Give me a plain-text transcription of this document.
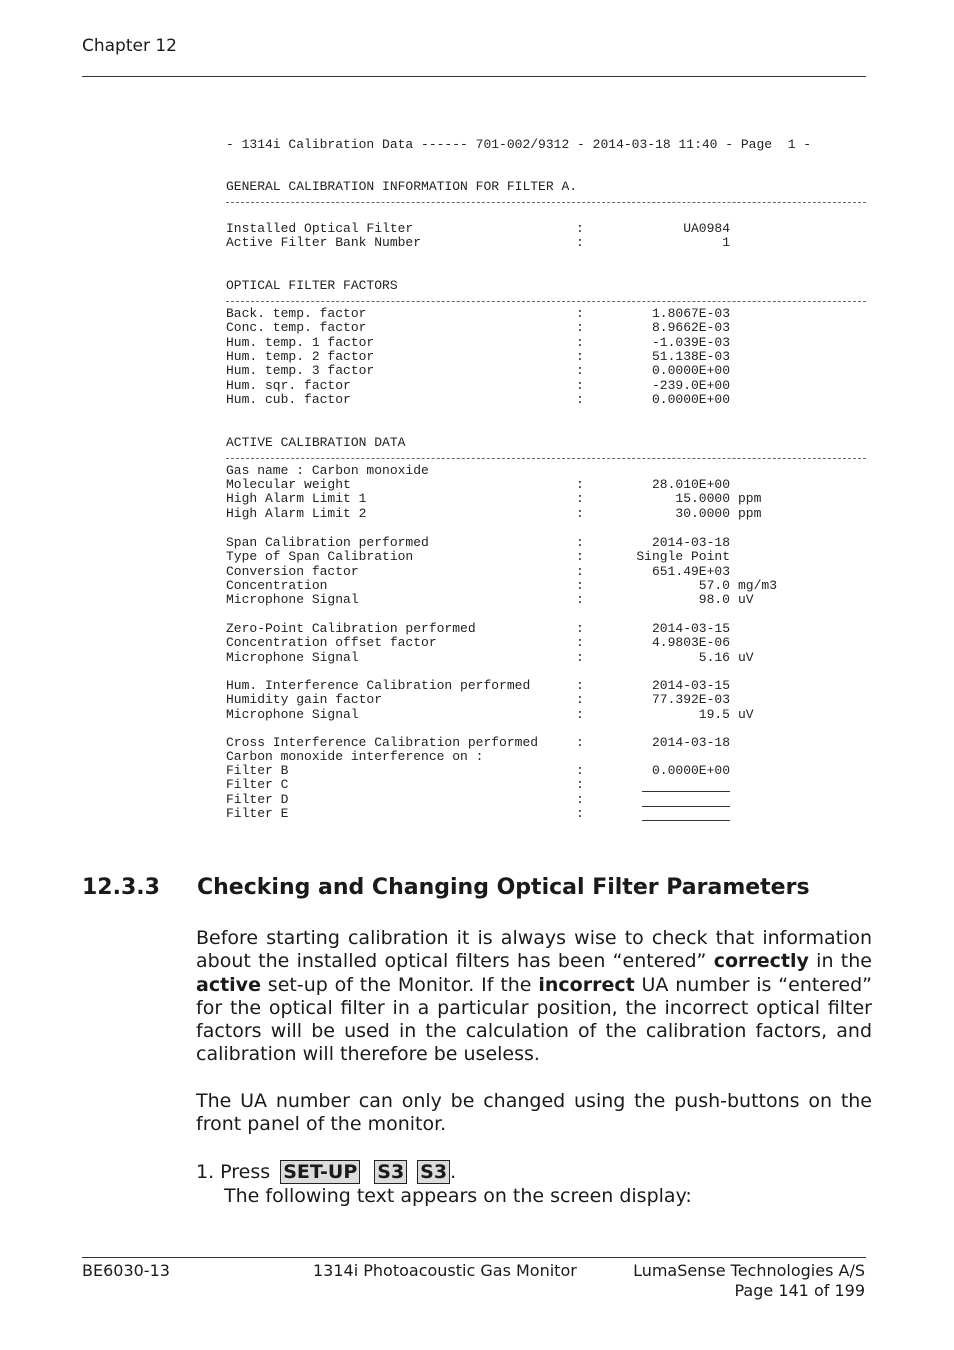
Chapter 12
- 1314i Calibration Data ------ 701-002/9312 - 2014-03-18 11:40 - Page  1 -
GENERAL CALIBRATION INFORMATION FOR FILTER A.
Installed Optical Filter	:	UA0984
Active Filter Bank Number	:	1
OPTICAL FILTER FACTORS
Back. temp. factor	:	1.8067E-03
Conc. temp. factor	:	8.9662E-03
Hum. temp. 1 factor	:	-1.039E-03
Hum. temp. 2 factor	:	51.138E-03
Hum. temp. 3 factor	:	0.0000E+00
Hum. sqr. factor	:	-239.0E+00
Hum. cub. factor	:	0.0000E+00
ACTIVE CALIBRATION DATA
Gas name : Carbon monoxide
Molecular weight	:	28.010E+00
High Alarm Limit 1	:	15.0000 ppm
High Alarm Limit 2	:	30.0000 ppm
Span Calibration performed	:	2014-03-18
Type of Span Calibration	:	Single Point
Conversion factor	:	651.49E+03
Concentration	:	57.0 mg/m3
Microphone Signal	:	98.0 uV
Zero-Point Calibration performed	:	2014-03-15
Concentration offset factor	:	4.9803E-06
Microphone Signal	:	5.16 uV
Hum. Interference Calibration performed	:	2014-03-15
Humidity gain factor	:	77.392E-03
Microphone Signal	:	19.5 uV
Cross Interference Calibration performed	:	2014-03-18
Carbon monoxide interference on :
Filter B	:	0.0000E+00
Filter C	:
Filter D	:
Filter E	:
12.3.3 Checking and Changing Optical Filter Parameters
Before starting calibration it is always wise to check that information about the installed optical filters has been “entered” correctly in the active set-up of the Monitor. If the incorrect UA number is “entered” for the optical filter in a particular position, the incorrect optical filter factors will be used in the calculation of the calibration factors, and calibration will therefore be useless.
The UA number can only be changed using the push-buttons on the front panel of the monitor.
1. Press SET-UP S3 S3 .
The following text appears on the screen display:
BE6030-13	1314i Photoacoustic Gas Monitor	LumaSense Technologies A/S
Page 141 of 199
